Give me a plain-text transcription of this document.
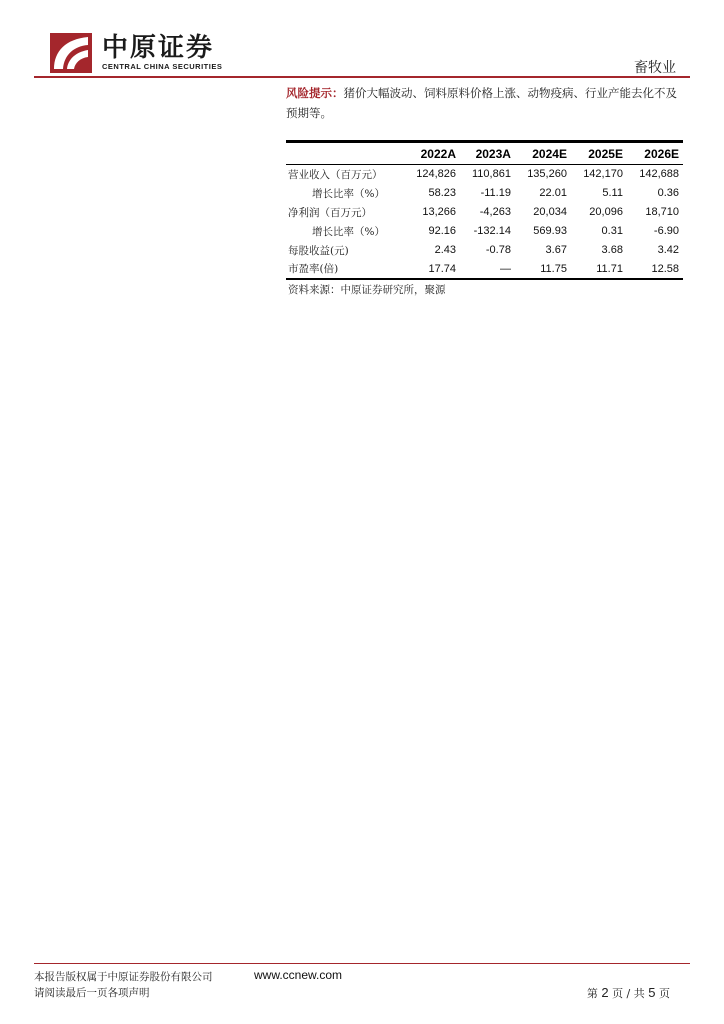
中原证券
CENTRAL CHINA SECURITIES	畜牧业
风险提示：猪价大幅波动、饲料原料价格上涨、动物疫病、行业产能去化不及预期等。
	2022A	2023A	2024E	2025E	2026E
营业收入（百万元）	124,826	110,861	135,260	142,170	142,688
增长比率（%）	58.23	-11.19	22.01	5.11	0.36
净利润（百万元）	13,266	-4,263	20,034	20,096	18,710
增长比率（%）	92.16	-132.14	569.93	0.31	-6.90
每股收益(元)	2.43	-0.78	3.67	3.68	3.42
市盈率(倍)	17.74	—	11.75	11.71	12.58
资料来源：中原证券研究所，聚源
本报告版权属于中原证券股份有限公司	www.ccnew.com
请阅读最后一页各项声明	第 2 页 / 共 5 页
